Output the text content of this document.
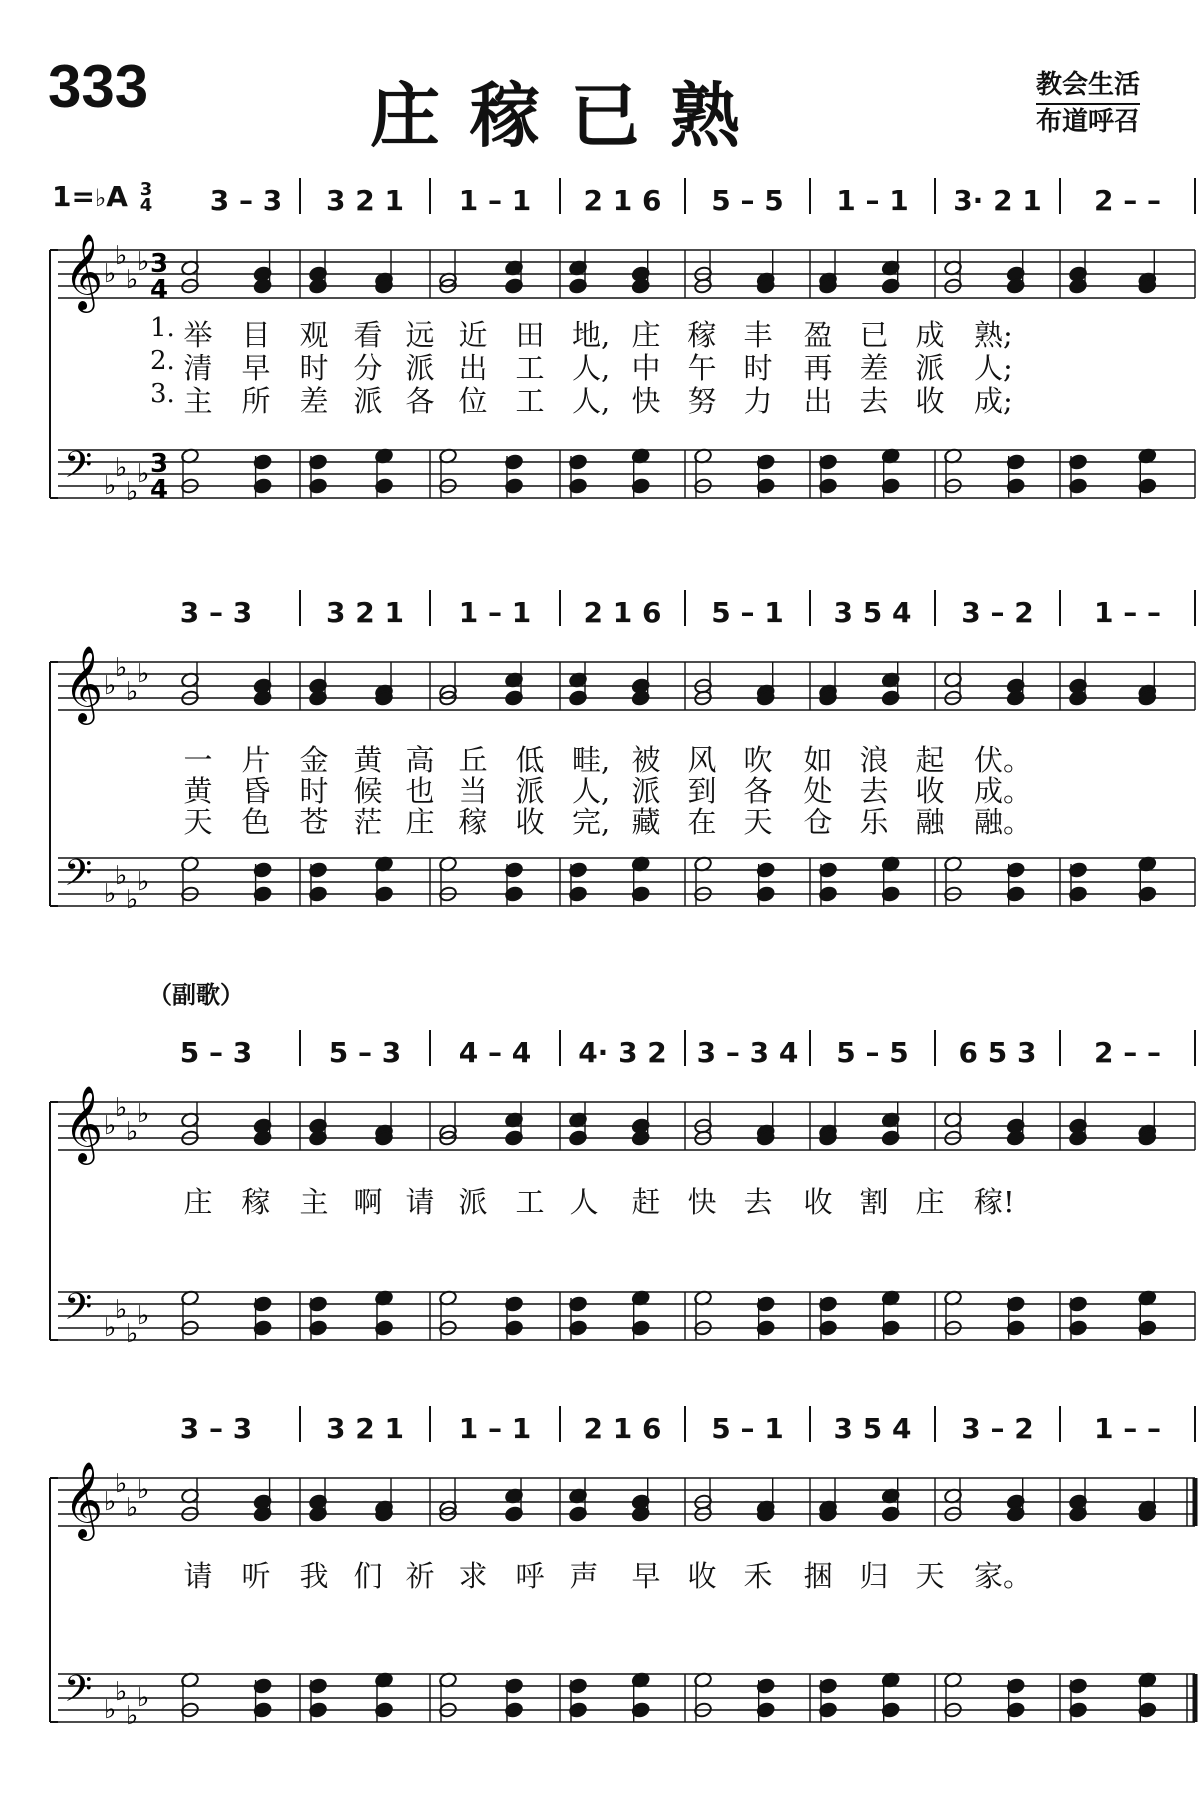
333	庄稼已熟	教会生活
布道呼召
1=♭A 3
4
（副歌）
3 – 3	3 2 1	1 – 1	2 1 6	5 – 5	1 – 1	3· 2 1	2 – –
𝄞 ♭
♭
♭
♭ 3
4
𝄢 ♭
♭
♭
♭ 3
4
1. 举 目 观 看 远 近 田 地, 庄 稼 丰 盈 已 成 熟;
2. 清 早 时 分 派 出 工 人, 中 午 时 再 差 派 人;
3. 主 所 差 派 各 位 工 人, 快 努 力 出 去 收 成;
3 – 3	3 2 1	1 – 1	2 1 6	5 – 1	3 5 4	3 – 2	1 – –
𝄞 ♭
♭
♭
♭
𝄢 ♭
♭
♭
♭
一 片 金 黄 高 丘 低 畦, 被 风 吹 如 浪 起 伏。
黄 昏 时 候 也 当 派 人, 派 到 各 处 去 收 成。
天 色 苍 茫 庄 稼 收 完, 藏 在 天 仓 乐 融 融。
5 – 3	5 – 3	4 – 4	4· 3 2	3 – 3 4	5 – 5	6 5 3	2 – –
𝄞 ♭
♭
♭
♭
𝄢 ♭
♭
♭
♭
庄 稼 主 啊 请 派 工 人 赶 快 去 收 割 庄 稼!
3 – 3	3 2 1	1 – 1	2 1 6	5 – 1	3 5 4	3 – 2	1 – –
𝄞 ♭
♭
♭
♭
𝄢 ♭
♭
♭
♭
请 听 我 们 祈 求 呼 声 早 收 禾 捆 归 天 家。
